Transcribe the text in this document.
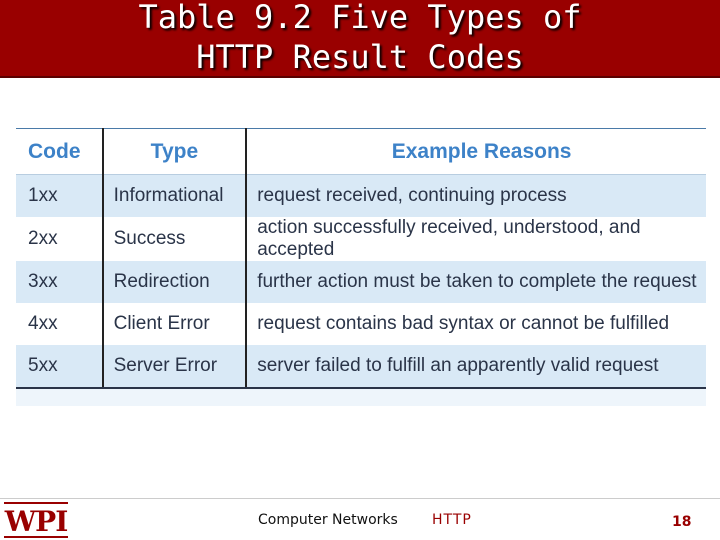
Table 9.2 Five Types of
HTTP Result Codes
Code	Type	Example Reasons
1xx	Informational	request received, continuing process
2xx	Success	action successfully received, understood, and accepted
3xx	Redirection	further action must be taken to complete the request
4xx	Client Error	request contains bad syntax or cannot be fulfilled
5xx	Server Error	server failed to fulfill an apparently valid request
WPI	Computer Networks HTTP	18
